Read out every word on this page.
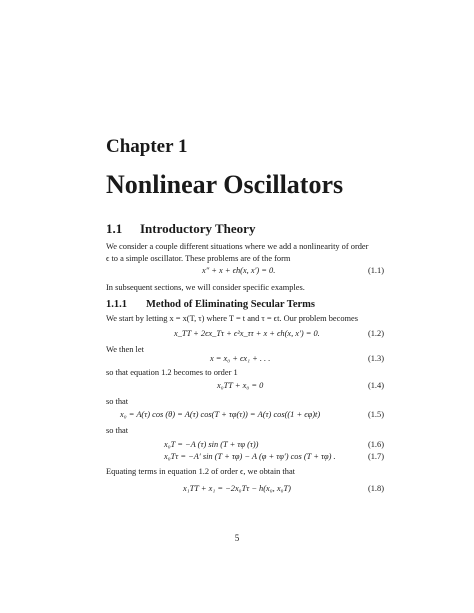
Chapter 1
Nonlinear Oscillators
1.1 Introductory Theory
We consider a couple different situations where we add a nonlinearity of order
ϵ to a simple oscillator. These problems are of the form
x″ + x + ϵh(x, x′) = 0.	(1.1)
In subsequent sections, we will consider specific examples.
1.1.1 Method of Eliminating Secular Terms
We start by letting x = x(T, τ) where T = t and τ = ϵt. Our problem becomes
x_TT + 2ϵx_Tτ + ϵ²x_ττ + x + ϵh(x, x′) = 0.	(1.2)
We then let
x = x₀ + ϵx₁ + . . .	(1.3)
so that equation 1.2 becomes to order 1
x₀TT + x₀ = 0	(1.4)
so that
x₀ = A(τ) cos (θ) = A(τ) cos(T + τφ(τ)) = A(τ) cos((1 + ϵφ)t)	(1.5)
so that
x₀T = −A (τ) sin (T + τφ (τ))	(1.6)
x₀Tτ = −A′ sin (T + τφ) − A (φ + τφ′) cos (T + τφ) .	(1.7)
Equating terms in equation 1.2 of order ϵ, we obtain that
x₁TT + x₁ = −2x₀Tτ − h(x₀, x₀T)	(1.8)
5
